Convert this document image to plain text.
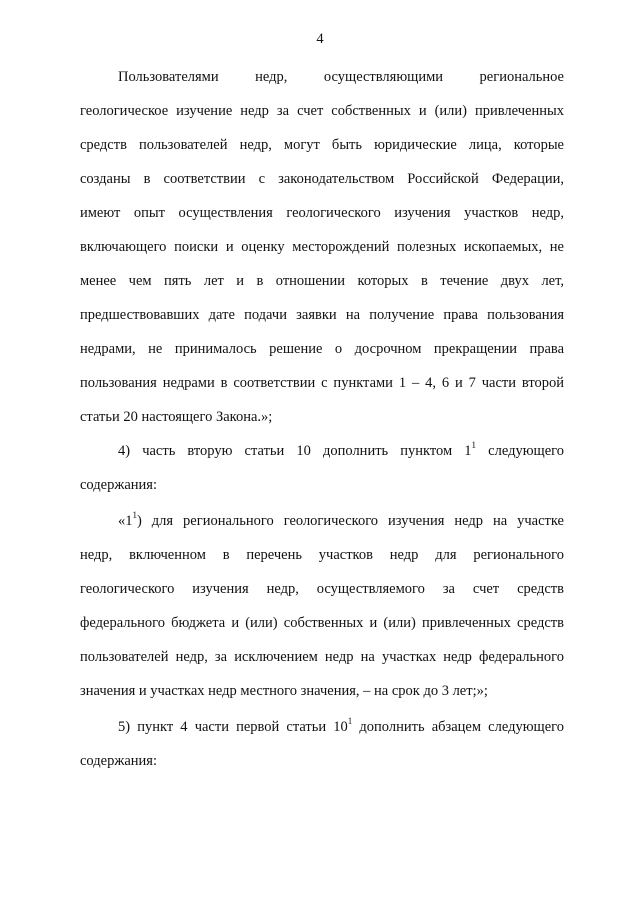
4
Пользователями недр, осуществляющими региональное
геологическое изучение недр за счет собственных и (или) привлеченных
средств пользователей недр, могут быть юридические лица, которые
созданы в соответствии с законодательством Российской Федерации,
имеют опыт осуществления геологического изучения участков недр,
включающего поиски и оценку месторождений полезных ископаемых, не
менее чем пять лет и в отношении которых в течение двух лет,
предшествовавших дате подачи заявки на получение права пользования
недрами, не принималось решение о досрочном прекращении права
пользования недрами в соответствии с пунктами 1 – 4, 6 и 7 части второй
статьи 20 настоящего Закона.»;
4) часть вторую статьи 10 дополнить пунктом $1^1$ следующего
содержания:
«$1^1$) для регионального геологического изучения недр на участке
недр, включенном в перечень участков недр для регионального
геологического изучения недр, осуществляемого за счет средств
федерального бюджета и (или) собственных и (или) привлеченных средств
пользователей недр, за исключением недр на участках недр федерального
значения и участках недр местного значения, – на срок до 3 лет;»;
5) пункт 4 части первой статьи $10^1$ дополнить абзацем следующего
содержания:
